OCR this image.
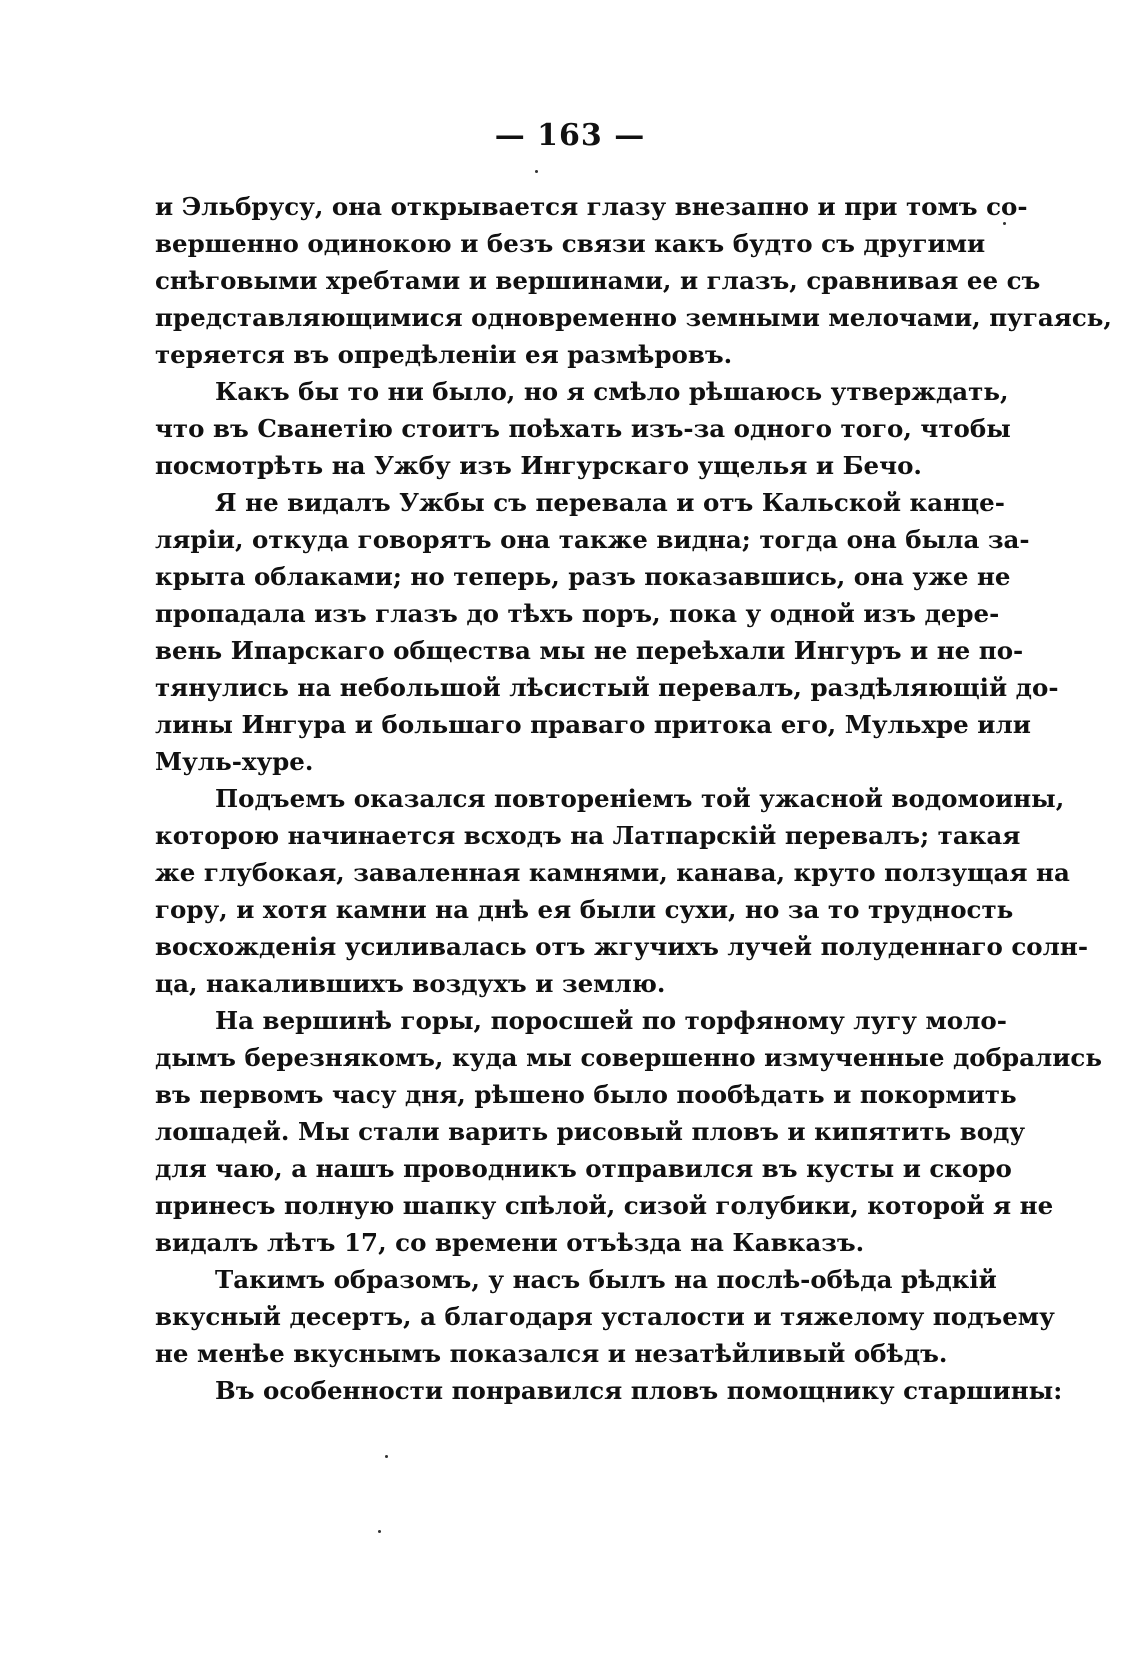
— 163 —
и Эльбрусу, она открывается глазу внезапно и при томъ со-
вершенно одинокою и безъ связи какъ будто съ другими
снѣговыми хребтами и вершинами, и глазъ, сравнивая ее съ
представляющимися одновременно земными мелочами, пугаясь,
теряется въ опредѣленіи ея размѣровъ.
Какъ бы то ни было, но я смѣло рѣшаюсь утверждать,
что въ Сванетію стоитъ поѣхать изъ-за одного того, чтобы
посмотрѣть на Ужбу изъ Ингурскаго ущелья и Бечо.
Я не видалъ Ужбы съ перевала и отъ Кальской канце-
ляріи, откуда говорятъ она также видна; тогда она была за-
крыта облаками; но теперь, разъ показавшись, она уже не
пропадала изъ глазъ до тѣхъ поръ, пока у одной изъ дере-
вень Ипарскаго общества мы не переѣхали Ингуръ и не по-
тянулись на небольшой лѣсистый перевалъ, раздѣляющій до-
лины Ингура и большаго праваго притока его, Мульхре или
Муль-хуре.
Подъемъ оказался повтореніемъ той ужасной водомоины,
которою начинается всходъ на Латпарскій перевалъ; такая
же глубокая, заваленная камнями, канава, круто ползущая на
гору, и хотя камни на днѣ ея были сухи, но за то трудность
восхожденія усиливалась отъ жгучихъ лучей полуденнаго солн-
ца, накалившихъ воздухъ и землю.
На вершинѣ горы, поросшей по торфяному лугу моло-
дымъ березнякомъ, куда мы совершенно измученные добрались
въ первомъ часу дня, рѣшено было пообѣдать и покормить
лошадей. Мы стали варить рисовый пловъ и кипятить воду
для чаю, а нашъ проводникъ отправился въ кусты и скоро
принесъ полную шапку спѣлой, сизой голубики, которой я не
видалъ лѣтъ 17, со времени отъѣзда на Кавказъ.
Такимъ образомъ, у насъ былъ на послѣ-обѣда рѣдкій
вкусный десертъ, а благодаря усталости и тяжелому подъему
не менѣе вкуснымъ показался и незатѣйливый обѣдъ.
Въ особенности понравился пловъ помощнику старшины:
